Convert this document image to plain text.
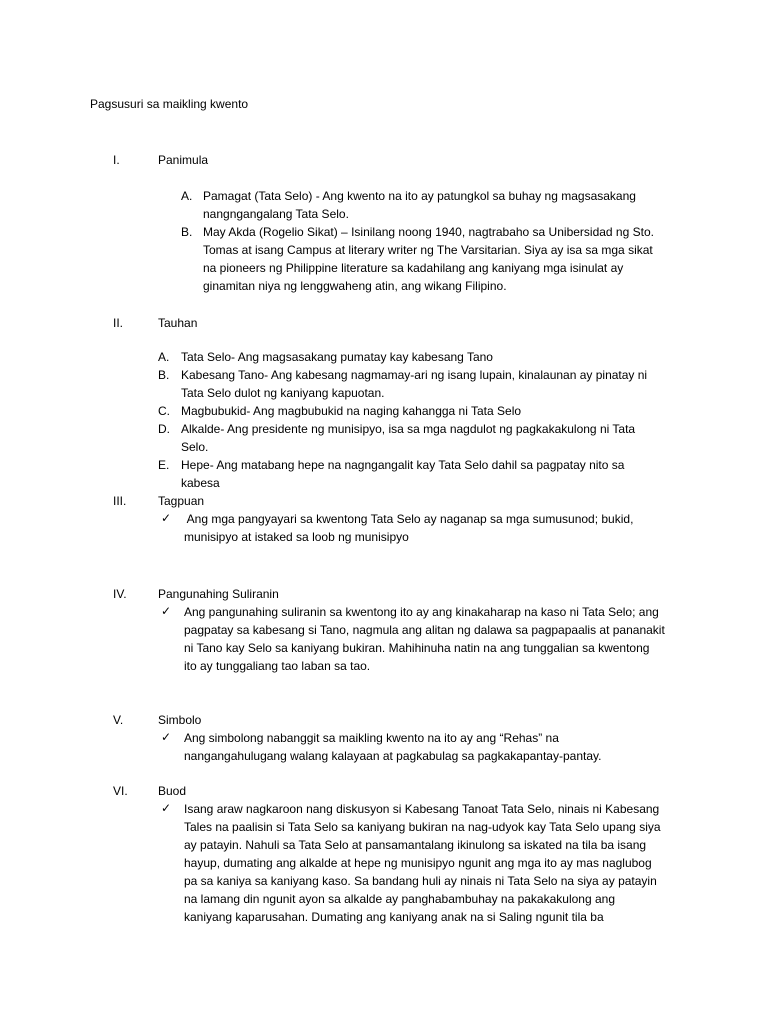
Pagsusuri sa maikling kwento
I.	Panimula
A. Pamagat (Tata Selo) - Ang kwento na ito ay patungkol sa buhay ng magsasakang
nangngangalang Tata Selo.
B. May Akda (Rogelio Sikat) – Isinilang noong 1940, nagtrabaho sa Unibersidad ng Sto.
Tomas at isang Campus at literary writer ng The Varsitarian. Siya ay isa sa mga sikat
na pioneers ng Philippine literature sa kadahilang ang kaniyang mga isinulat ay
ginamitan niya ng lenggwaheng atin, ang wikang Filipino.
II.	Tauhan
A. Tata Selo- Ang magsasakang pumatay kay kabesang Tano
B. Kabesang Tano- Ang kabesang nagmamay-ari ng isang lupain, kinalaunan ay pinatay ni
Tata Selo dulot ng kaniyang kapuotan.
C. Magbubukid- Ang magbubukid na naging kahangga ni Tata Selo
D. Alkalde- Ang presidente ng munisipyo, isa sa mga nagdulot ng pagkakakulong ni Tata
Selo.
E. Hepe- Ang matabang hepe na nagngangalit kay Tata Selo dahil sa pagpatay nito sa
kabesa
III.	Tagpuan
✓ Ang mga pangyayari sa kwentong Tata Selo ay naganap sa mga sumusunod; bukid,
munisipyo at istaked sa loob ng munisipyo
IV.	Pangunahing Suliranin
✓ Ang pangunahing suliranin sa kwentong ito ay ang kinakaharap na kaso ni Tata Selo; ang
pagpatay sa kabesang si Tano, nagmula ang alitan ng dalawa sa pagpapaalis at pananakit
ni Tano kay Selo sa kaniyang bukiran. Mahihinuha natin na ang tunggalian sa kwentong
ito ay tunggaliang tao laban sa tao.
V.	Simbolo
✓ Ang simbolong nabanggit sa maikling kwento na ito ay ang “Rehas” na
nangangahulugang walang kalayaan at pagkabulag sa pagkakapantay-pantay.
VI.	Buod
✓ Isang araw nagkaroon nang diskusyon si Kabesang Tanoat Tata Selo, ninais ni Kabesang
Tales na paalisin si Tata Selo sa kaniyang bukiran na nag-udyok kay Tata Selo upang siya
ay patayin. Nahuli sa Tata Selo at pansamantalang ikinulong sa iskated na tila ba isang
hayup, dumating ang alkalde at hepe ng munisipyo ngunit ang mga ito ay mas naglubog
pa sa kaniya sa kaniyang kaso. Sa bandang huli ay ninais ni Tata Selo na siya ay patayin
na lamang din ngunit ayon sa alkalde ay panghabambuhay na pakakakulong ang
kaniyang kaparusahan. Dumating ang kaniyang anak na si Saling ngunit tila ba
